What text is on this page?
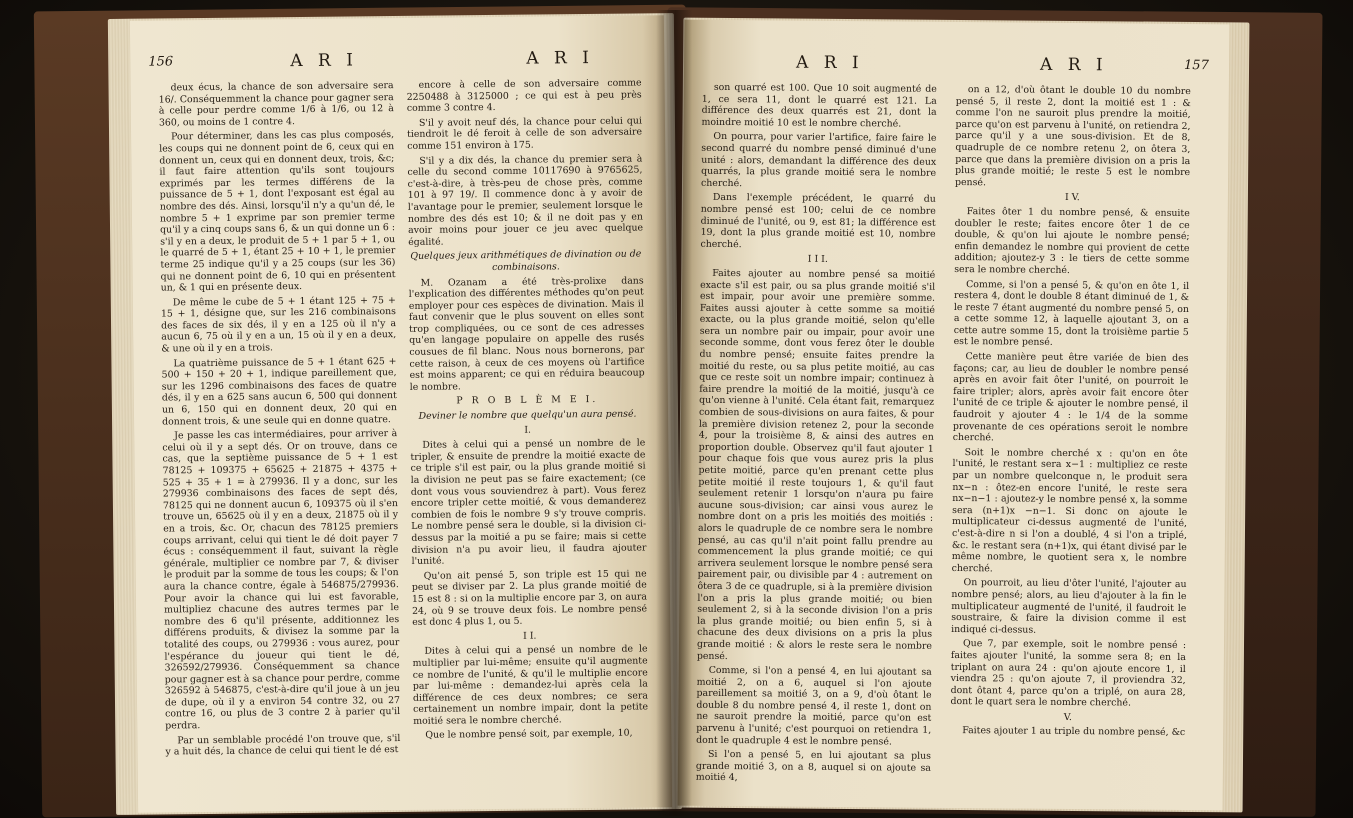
156	A R I	A R I

deux écus, la chance de son adversaire sera 16/. Conséquemment la chance pour gagner sera à celle pour perdre comme 1/6 à 1/6, ou 12 à 360, ou moins de 1 contre 4.

Pour déterminer, dans les cas plus composés, les coups qui ne donnent point de 6, ceux qui en donnent un, ceux qui en donnent deux, trois, &c; il faut faire attention qu'ils sont toujours exprimés par les termes différens de la puissance de 5 + 1, dont l'exposant est égal au nombre des dés. Ainsi, lorsqu'il n'y a qu'un dé, le nombre 5 + 1 exprime par son premier terme qu'il y a cinq coups sans 6, & un qui donne un 6 : s'il y en a deux, le produit de 5 + 1 par 5 + 1, ou le quarré de 5 + 1, étant 25 + 10 + 1, le premier terme 25 indique qu'il y a 25 coups (sur les 36) qui ne donnent point de 6, 10 qui en présentent un, & 1 qui en présente deux.

De même le cube de 5 + 1 étant 125 + 75 + 15 + 1, désigne que, sur les 216 combinaisons des faces de six dés, il y en a 125 où il n'y a aucun 6, 75 où il y en a un, 15 où il y en a deux, & une où il y en a trois.

La quatrième puissance de 5 + 1 étant 625 + 500 + 150 + 20 + 1, indique pareillement que, sur les 1296 combinaisons des faces de quatre dés, il y en a 625 sans aucun 6, 500 qui donnent un 6, 150 qui en donnent deux, 20 qui en donnent trois, & une seule qui en donne quatre.

Je passe les cas intermédiaires, pour arriver à celui où il y a sept dés. Or on trouve, dans ce cas, que la septième puissance de 5 + 1 est 78125 + 109375 + 65625 + 21875 + 4375 + 525 + 35 + 1 = à 279936. Il y a donc, sur les 279936 combinaisons des faces de sept dés, 78125 qui ne donnent aucun 6, 109375 où il s'en trouve un, 65625 où il y en a deux, 21875 où il y en a trois, &c. Or, chacun des 78125 premiers coups arrivant, celui qui tient le dé doit payer 7 écus : conséquemment il faut, suivant la règle générale, multiplier ce nombre par 7, & diviser le produit par la somme de tous les coups; & l'on aura la chance contre, égale à 546875/279936. Pour avoir la chance qui lui est favorable, multipliez chacune des autres termes par le nombre des 6 qu'il présente, additionnez les différens produits, & divisez la somme par la totalité des coups, ou 279936 : vous aurez, pour l'espérance du joueur qui tient le dé, 326592/279936. Conséquemment sa chance pour gagner est à sa chance pour perdre, comme 326592 à 546875, c'est-à-dire qu'il joue à un jeu de dupe, où il y a environ 54 contre 32, ou 27 contre 16, ou plus de 3 contre 2 à parier qu'il perdra.

Par un semblable procédé l'on trouve que, s'il y a huit dés, la chance de celui qui tient le dé est

encore à celle de son adversaire comme 2250488 à 3125000 ; ce qui est à peu près comme 3 contre 4.

S'il y avoit neuf dés, la chance pour celui qui tiendroit le dé feroit à celle de son adversaire comme 151 environ à 175.

S'il y a dix dés, la chance du premier sera à celle du second comme 10117690 à 9765625, c'est-à-dire, à très-peu de chose près, comme 101 à 97 19/. Il commence donc à y avoir de l'avantage pour le premier, seulement lorsque le nombre des dés est 10; & il ne doit pas y en avoir moins pour jouer ce jeu avec quelque égalité.

Quelques jeux arithmétiques de divination ou de combinaisons.

M. Ozanam a été très-prolixe dans l'explication des différentes méthodes qu'on peut employer pour ces espèces de divination. Mais il faut convenir que le plus souvent on elles sont trop compliquées, ou ce sont de ces adresses qu'en langage populaire on appelle des rusés cousues de fil blanc. Nous nous bornerons, par cette raison, à ceux de ces moyens où l'artifice est moins apparent; ce qui en réduira beaucoup le nombre.

P R O B L È M E I.

Deviner le nombre que quelqu'un aura pensé.

I.

Dites à celui qui a pensé un nombre de le tripler, & ensuite de prendre la moitié exacte de ce triple s'il est pair, ou la plus grande moitié si la division ne peut pas se faire exactement; (ce dont vous vous souviendrez à part). Vous ferez encore tripler cette moitié, & vous demanderez combien de fois le nombre 9 s'y trouve compris. Le nombre pensé sera le double, si la division ci-dessus par la moitié a pu se faire; mais si cette division n'a pu avoir lieu, il faudra ajouter l'unité.

Qu'on ait pensé 5, son triple est 15 qui ne peut se diviser par 2. La plus grande moitié de 15 est 8 : si on la multiplie encore par 3, on aura 24, où 9 se trouve deux fois. Le nombre pensé est donc 4 plus 1, ou 5.

I I.

Dites à celui qui a pensé un nombre de le multiplier par lui-même; ensuite qu'il augmente ce nombre de l'unité, & qu'il le multiplie encore par lui-même : demandez-lui après cela la différence de ces deux nombres; ce sera certainement un nombre impair, dont la petite moitié sera le nombre cherché.

Que le nombre pensé soit, par exemple, 10,

A R I	A R I	157

son quarré est 100. Que 10 soit augmenté de 1, ce sera 11, dont le quarré est 121. La différence des deux quarrés est 21, dont la moindre moitié 10 est le nombre cherché.

On pourra, pour varier l'artifice, faire faire le second quarré du nombre pensé diminué d'une unité : alors, demandant la différence des deux quarrés, la plus grande moitié sera le nombre cherché.

Dans l'exemple précédent, le quarré du nombre pensé est 100; celui de ce nombre diminué de l'unité, ou 9, est 81; la différence est 19, dont la plus grande moitié est 10, nombre cherché.

I I I.

Faites ajouter au nombre pensé sa moitié exacte s'il est pair, ou sa plus grande moitié s'il est impair, pour avoir une première somme. Faites aussi ajouter à cette somme sa moitié exacte, ou la plus grande moitié, selon qu'elle sera un nombre pair ou impair, pour avoir une seconde somme, dont vous ferez ôter le double du nombre pensé; ensuite faites prendre la moitié du reste, ou sa plus petite moitié, au cas que ce reste soit un nombre impair; continuez à faire prendre la moitié de la moitié, jusqu'à ce qu'on vienne à l'unité. Cela étant fait, remarquez combien de sous-divisions on aura faites, & pour la première division retenez 2, pour la seconde 4, pour la troisième 8, & ainsi des autres en proportion double. Observez qu'il faut ajouter 1 pour chaque fois que vous aurez pris la plus petite moitié, parce qu'en prenant cette plus petite moitié il reste toujours 1, & qu'il faut seulement retenir 1 lorsqu'on n'aura pu faire aucune sous-division; car ainsi vous aurez le nombre dont on a pris les moitiés des moitiés : alors le quadruple de ce nombre sera le nombre pensé, au cas qu'il n'ait point fallu prendre au commencement la plus grande moitié; ce qui arrivera seulement lorsque le nombre pensé sera pairement pair, ou divisible par 4 : autrement on ôtera 3 de ce quadruple, si à la première division l'on a pris la plus grande moitié; ou bien seulement 2, si à la seconde division l'on a pris la plus grande moitié; ou bien enfin 5, si à chacune des deux divisions on a pris la plus grande moitié : & alors le reste sera le nombre pensé.

Comme, si l'on a pensé 4, en lui ajoutant sa moitié 2, on a 6, auquel si l'on ajoute pareillement sa moitié 3, on a 9, d'où ôtant le double 8 du nombre pensé 4, il reste 1, dont on ne sauroit prendre la moitié, parce qu'on est parvenu à l'unité; c'est pourquoi on retiendra 1, dont le quadruple 4 est le nombre pensé.

Si l'on a pensé 5, en lui ajoutant sa plus grande moitié 3, on a 8, auquel si on ajoute sa moitié 4,

on a 12, d'où ôtant le double 10 du nombre pensé 5, il reste 2, dont la moitié est 1 : & comme l'on ne sauroit plus prendre la moitié, parce qu'on est parvenu à l'unité, on retiendra 2, parce qu'il y a une sous-division. Et de 8, quadruple de ce nombre retenu 2, on ôtera 3, parce que dans la première division on a pris la plus grande moitié; le reste 5 est le nombre pensé.

I V.

Faites ôter 1 du nombre pensé, & ensuite doubler le reste; faites encore ôter 1 de ce double, & qu'on lui ajoute le nombre pensé; enfin demandez le nombre qui provient de cette addition; ajoutez-y 3 : le tiers de cette somme sera le nombre cherché.

Comme, si l'on a pensé 5, & qu'on en ôte 1, il restera 4, dont le double 8 étant diminué de 1, & le reste 7 étant augmenté du nombre pensé 5, on a cette somme 12, à laquelle ajoutant 3, on a cette autre somme 15, dont la troisième partie 5 est le nombre pensé.

Cette manière peut être variée de bien des façons; car, au lieu de doubler le nombre pensé après en avoir fait ôter l'unité, on pourroit le faire tripler; alors, après avoir fait encore ôter l'unité de ce triple & ajouter le nombre pensé, il faudroit y ajouter 4 : le 1/4 de la somme provenante de ces opérations seroit le nombre cherché.

Soit le nombre cherché x : qu'on en ôte l'unité, le restant sera x−1 : multipliez ce reste par un nombre quelconque n, le produit sera nx−n : ôtez-en encore l'unité, le reste sera nx−n−1 : ajoutez-y le nombre pensé x, la somme sera (n+1)x −n−1. Si donc on ajoute le multiplicateur ci-dessus augmenté de l'unité, c'est-à-dire n si l'on a doublé, 4 si l'on a triplé, &c. le restant sera (n+1)x, qui étant divisé par le même nombre, le quotient sera x, le nombre cherché.

On pourroit, au lieu d'ôter l'unité, l'ajouter au nombre pensé; alors, au lieu d'ajouter à la fin le multiplicateur augmenté de l'unité, il faudroit le soustraire, & faire la division comme il est indiqué ci-dessus.

Que 7, par exemple, soit le nombre pensé : faites ajouter l'unité, la somme sera 8; en la triplant on aura 24 : qu'on ajoute encore 1, il viendra 25 : qu'on ajoute 7, il proviendra 32, dont ôtant 4, parce qu'on a triplé, on aura 28, dont le quart sera le nombre cherché.

V.

Faites ajouter 1 au triple du nombre pensé, &c
